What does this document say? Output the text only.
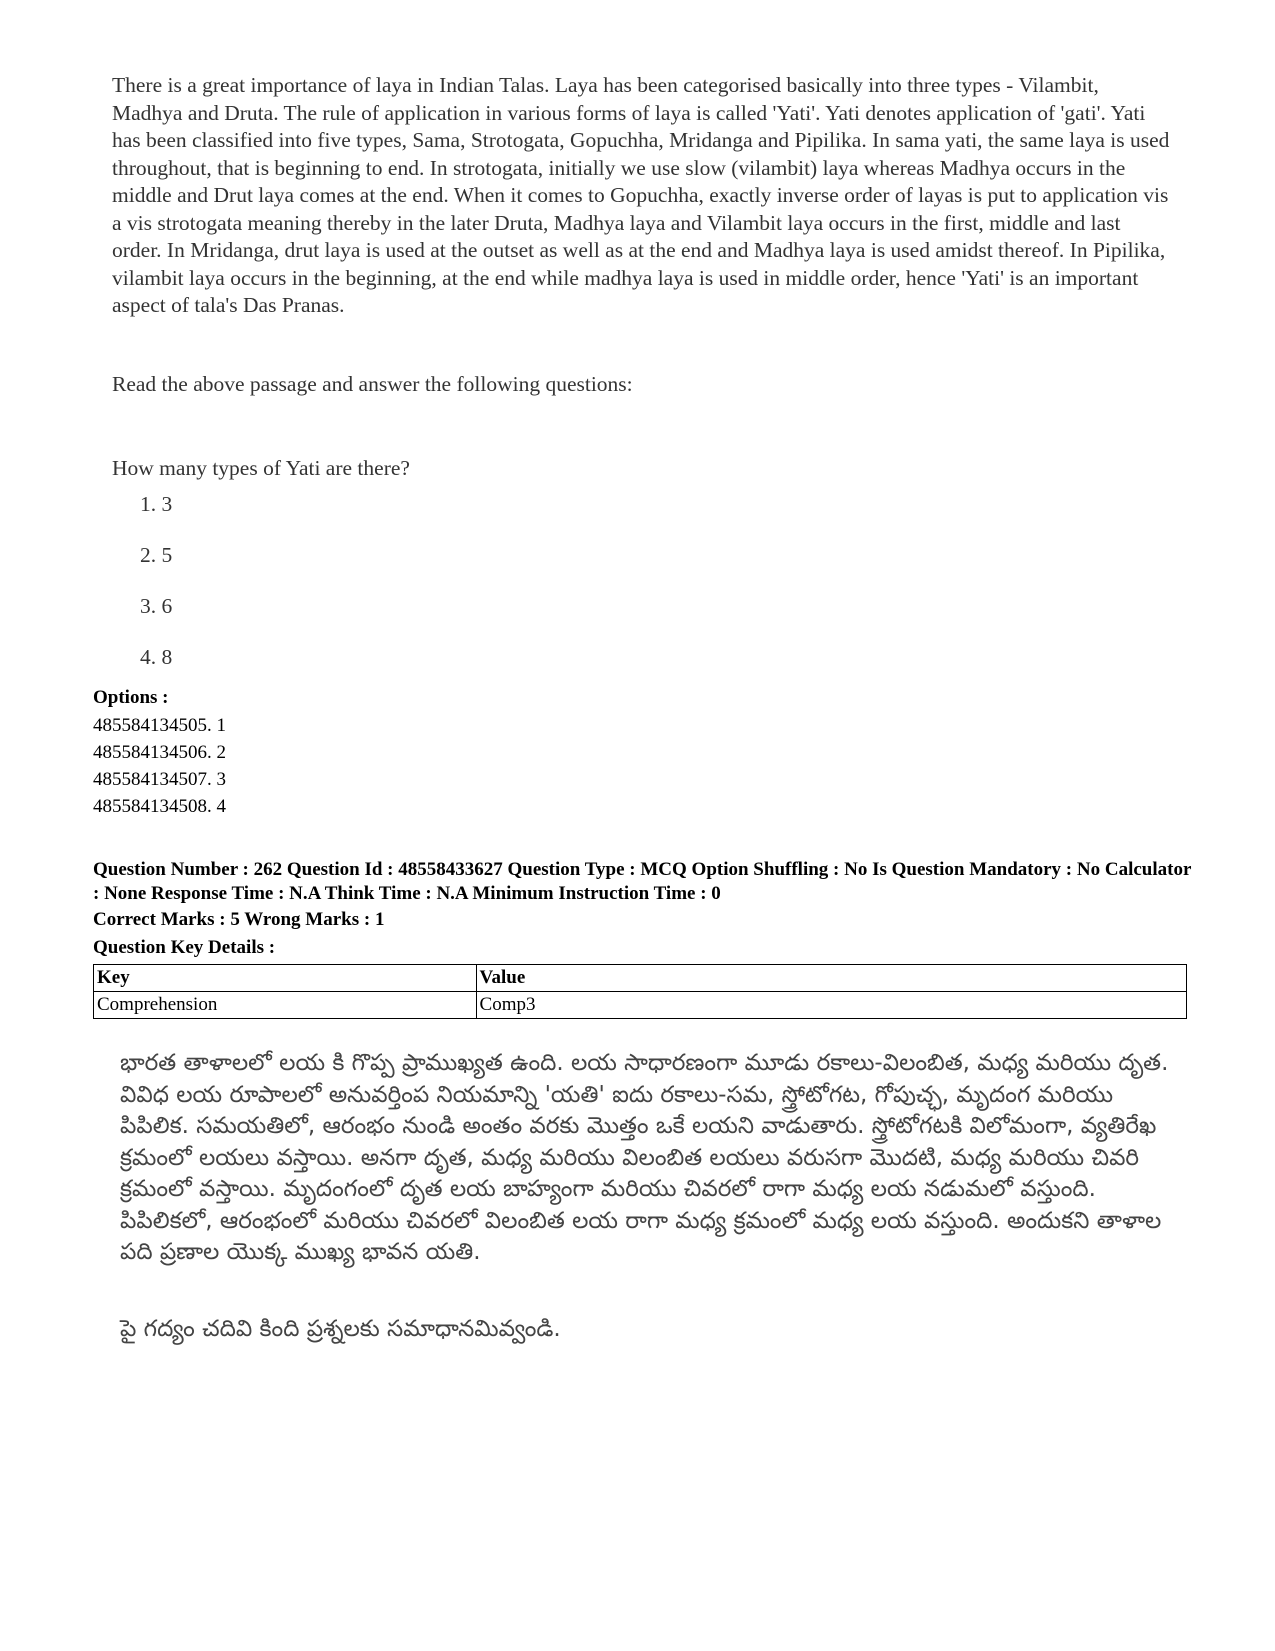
There is a great importance of laya in Indian Talas. Laya has been categorised basically into three types - Vilambit, Madhya and Druta. The rule of application in various forms of laya is called 'Yati'. Yati denotes application of 'gati'. Yati has been classified into five types, Sama, Strotogata, Gopuchha, Mridanga and Pipilika. In sama yati, the same laya is used throughout, that is beginning to end. In strotogata, initially we use slow (vilambit) laya whereas Madhya occurs in the middle and Drut laya comes at the end. When it comes to Gopuchha, exactly inverse order of layas is put to application vis a vis strotogata meaning thereby in the later Druta, Madhya laya and Vilambit laya occurs in the first, middle and last order. In Mridanga, drut laya is used at the outset as well as at the end and Madhya laya is used amidst thereof. In Pipilika, vilambit laya occurs in the beginning, at the end while madhya laya is used in middle order, hence 'Yati' is an important aspect of tala's Das Pranas.
Read the above passage and answer the following questions:
How many types of Yati are there?
1. 3
2. 5
3. 6
4. 8
Options :
485584134505. 1
485584134506. 2
485584134507. 3
485584134508. 4
Question Number : 262 Question Id : 48558433627 Question Type : MCQ Option Shuffling : No Is Question Mandatory : No Calculator : None Response Time : N.A Think Time : N.A Minimum Instruction Time : 0
Correct Marks : 5 Wrong Marks : 1
Question Key Details :
Key	Value
Comprehension	Comp3
భారత తాళాలలో లయ కి గొప్ప ప్రాముఖ్యత ఉంది. లయ సాధారణంగా మూడు రకాలు-విలంబిత, మధ్య మరియు దృత. వివిధ లయ రూపాలలో అనువర్తింప నియమాన్ని 'యతి' ఐదు రకాలు-సమ, స్త్రోటోగట, గోపుచ్ఛ, మృదంగ మరియు పిపిలిక. సమయతిలో, ఆరంభం నుండి అంతం వరకు మొత్తం ఒకే లయని వాడుతారు. స్త్రోటోగటకి విలోమంగా, వ్యతిరేఖ క్రమంలో లయలు వస్తాయి. అనగా దృత, మధ్య మరియు విలంబిత లయలు వరుసగా మొదటి, మధ్య మరియు చివరి క్రమంలో వస్తాయి. మృదంగంలో దృత లయ బాహ్యంగా మరియు చివరలో రాగా మధ్య లయ నడుమలో వస్తుంది. పిపిలికలో, ఆరంభంలో మరియు చివరలో విలంబిత లయ రాగా మధ్య క్రమంలో మధ్య లయ వస్తుంది. అందుకని తాళాల పది ప్రణాల యొక్క ముఖ్య భావన యతి.
పై గద్యం చదివి కింది ప్రశ్నలకు సమాధానమివ్వండి.
